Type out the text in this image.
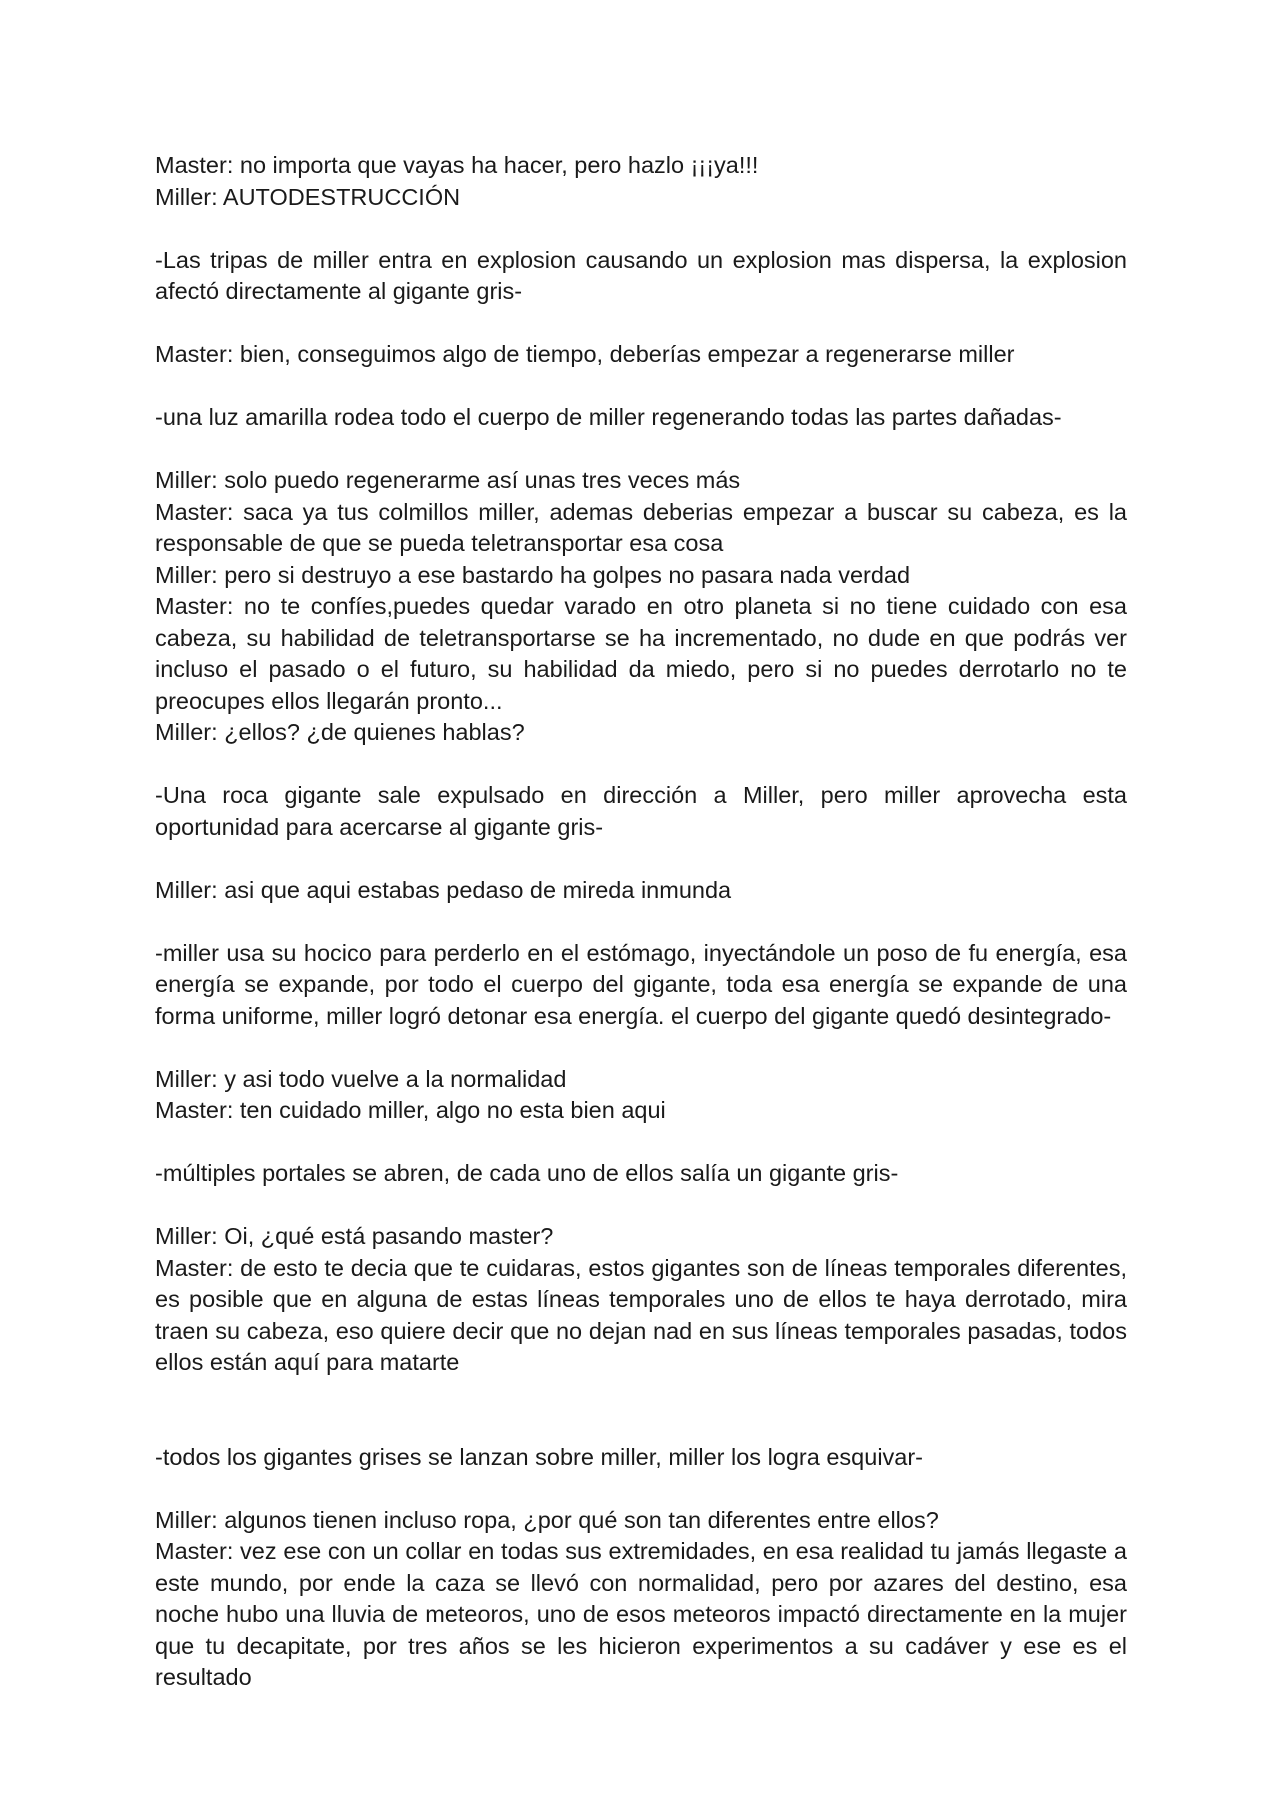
Master: no importa que vayas ha hacer, pero hazlo ¡¡¡ya!!!

Miller: AUTODESTRUCCIÓN

-Las tripas de miller entra en explosion causando un explosion mas dispersa, la explosion afectó directamente al gigante gris-

Master: bien, conseguimos algo de tiempo, deberías empezar a regenerarse miller

-una luz amarilla rodea todo el cuerpo de miller regenerando todas las partes dañadas-

Miller: solo puedo regenerarme así unas tres veces más

Master: saca ya tus colmillos miller, ademas deberias empezar a buscar su cabeza, es la responsable de que se pueda teletransportar esa cosa

Miller: pero si destruyo a ese bastardo ha golpes no pasara nada verdad

Master: no te confíes,puedes quedar varado en otro planeta si no tiene cuidado con esa cabeza, su habilidad de teletransportarse se ha incrementado, no dude en que podrás ver incluso el pasado o el futuro, su habilidad da miedo, pero si no puedes derrotarlo no te preocupes ellos llegarán pronto...

Miller: ¿ellos? ¿de quienes hablas?

-Una roca gigante sale expulsado en dirección a Miller, pero miller aprovecha esta oportunidad para acercarse al gigante gris-

Miller: asi que aqui estabas pedaso de mireda inmunda

-miller usa su hocico para perderlo en el estómago, inyectándole un poso de fu energía, esa energía se expande, por todo el cuerpo del gigante, toda esa energía se expande de una forma uniforme, miller logró detonar esa energía. el cuerpo del gigante quedó desintegrado-

Miller: y asi todo vuelve a la normalidad

Master: ten cuidado miller, algo no esta bien aqui

-múltiples portales se abren, de cada uno de ellos salía un gigante gris-

Miller: Oi, ¿qué está pasando master?

Master: de esto te decia que te cuidaras, estos gigantes son de líneas temporales diferentes, es posible que en alguna de estas líneas temporales uno de ellos te haya derrotado, mira traen su cabeza, eso quiere decir que no dejan nad en sus líneas temporales pasadas, todos ellos están aquí para matarte

-todos los gigantes grises se lanzan sobre miller, miller los logra esquivar-

Miller: algunos tienen incluso ropa, ¿por qué son tan diferentes entre ellos?

Master: vez ese con un collar en todas sus extremidades, en esa realidad tu jamás llegaste a este mundo, por ende la caza se llevó con normalidad, pero por azares del destino, esa noche hubo una lluvia de meteoros, uno de esos meteoros impactó directamente en la mujer que tu decapitate, por tres años se les hicieron experimentos a su cadáver y ese es el resultado
